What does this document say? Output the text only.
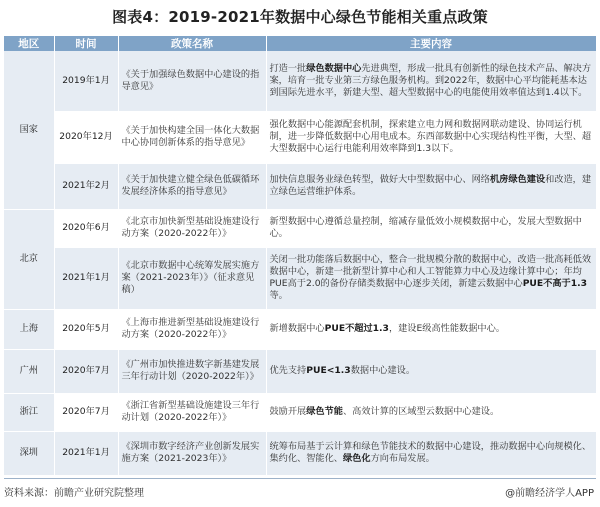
图表4：2019-2021年数据中心绿色节能相关重点政策
地区	时间	政策名称	主要内容
国家	2019年1月	《关于加强绿色数据中心建设的指导意见》	打造一批绿色数据中心先进典型，形成一批具有创新性的绿色技术产品、解决方案，培育一批专业第三方绿色服务机构。到2022年，数据中心平均能耗基本达到国际先进水平，新建大型、超大型数据中心的电能使用效率值达到1.4以下。
	2020年12月	《关于加快构建全国一体化大数据中心协同创新体系的指导意见》	强化数据中心能源配套机制，探索建立电力网和数据网联动建设、协同运行机制，进一步降低数据中心用电成本。东西部数据中心实现结构性平衡，大型、超大型数据中心运行电能利用效率降到1.3以下。
	2021年2月	《关于加快建立健全绿色低碳循环发展经济体系的指导意见》	加快信息服务业绿色转型，做好大中型数据中心、网络机房绿色建设和改造，建立绿色运营维护体系。
北京	2020年6月	《北京市加快新型基础设施建设行动方案（2020-2022年）》	新型数据中心遵循总量控制，缩减存量低效小规模数据中心，发展大型数据中心。
	2021年1月	《北京市数据中心统筹发展实施方案（2021-2023年）》（征求意见稿）	关闭一批功能落后数据中心，整合一批规模分散的数据中心，改造一批高耗低效数据中心，新建一批新型计算中心和人工智能算力中心及边缘计算中心；年均PUE高于2.0的备份存储类数据中心逐步关闭，新建云数据中心PUE不高于1.3等。
上海	2020年5月	《上海市推进新型基础设施建设行动方案（2020-2022年）》	新增数据中心PUE不超过1.3，建设E级高性能数据中心。
广州	2020年7月	《广州市加快推进数字新基建发展三年行动计划（2020-2022年）》	优先支持PUE<1.3数据中心建设。
浙江	2020年7月	《浙江省新型基础设施建设三年行动计划（2020-2022年）》	鼓励开展绿色节能、高效计算的区域型云数据中心建设。
深圳	2021年1月	《深圳市数字经济产业创新发展实施方案（2021-2023年）》	统筹布局基于云计算和绿色节能技术的数据中心建设，推动数据中心向规模化、集约化、智能化、绿色化方向布局发展。
资料来源：前瞻产业研究院整理	@前瞻经济学人APP
